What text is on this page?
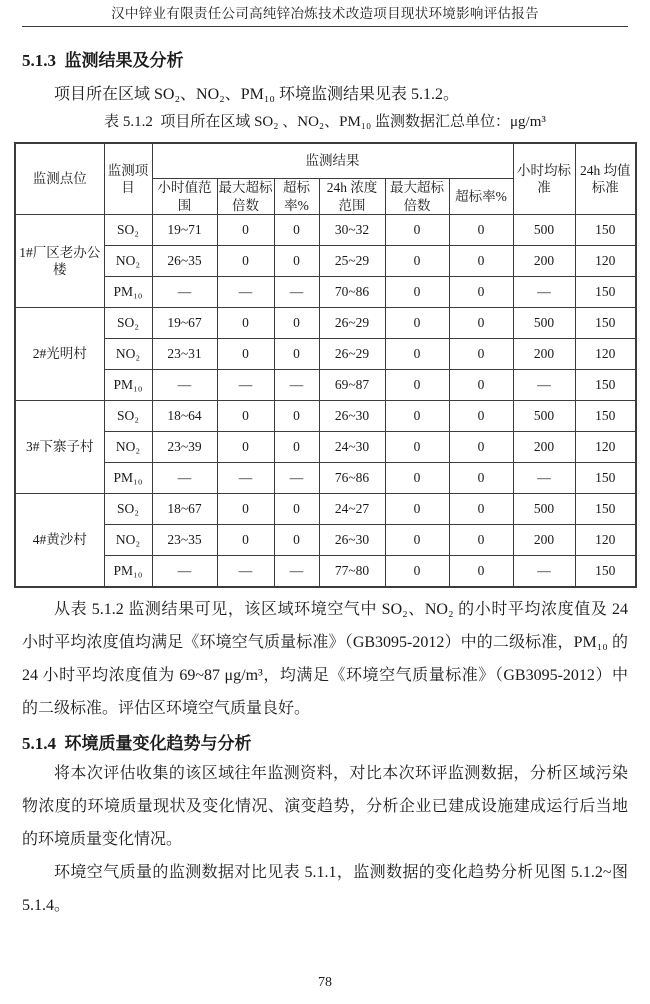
汉中锌业有限责任公司高纯锌冶炼技术改造项目现状环境影响评估报告
5.1.3  监测结果及分析

项目所在区域 SO₂、NO₂、PM₁₀ 环境监测结果见表 5.1.2。

表 5.1.2  项目所在区域 SO₂ 、NO₂、PM₁₀ 监测数据汇总单位：μg/m³
监测点位	监测项目	监测结果						小时均标准	24h 均值标准
		小时值范围	最大超标倍数	超标率%	24h 浓度范围	最大超标倍数	超标率%		
1#厂区老办公楼	SO₂	19~71	0	0	30~32	0	0	500	150
	NO₂	26~35	0	0	25~29	0	0	200	120
	PM₁₀	—	—	—	70~86	0	0	—	150
2#光明村	SO₂	19~67	0	0	26~29	0	0	500	150
	NO₂	23~31	0	0	26~29	0	0	200	120
	PM₁₀	—	—	—	69~87	0	0	—	150
3#下寨子村	SO₂	18~64	0	0	26~30	0	0	500	150
	NO₂	23~39	0	0	24~30	0	0	200	120
	PM₁₀	—	—	—	76~86	0	0	—	150
4#黄沙村	SO₂	18~67	0	0	24~27	0	0	500	150
	NO₂	23~35	0	0	26~30	0	0	200	120
	PM₁₀	—	—	—	77~80	0	0	—	150

从表 5.1.2 监测结果可见，该区域环境空气中 SO₂、NO₂ 的小时平均浓度值及 24 小时平均浓度值均满足《环境空气质量标准》（GB3095-2012）中的二级标准，PM₁₀ 的 24 小时平均浓度值为 69~87 μg/m³，均满足《环境空气质量标准》（GB3095-2012）中的二级标准。评估区环境空气质量良好。

5.1.4  环境质量变化趋势与分析

将本次评估收集的该区域往年监测资料，对比本次环评监测数据，分析区域污染物浓度的环境质量现状及变化情况、演变趋势，分析企业已建成设施建成运行后当地的环境质量变化情况。

环境空气质量的监测数据对比见表 5.1.1，监测数据的变化趋势分析见图 5.1.2~图 5.1.4。

78
